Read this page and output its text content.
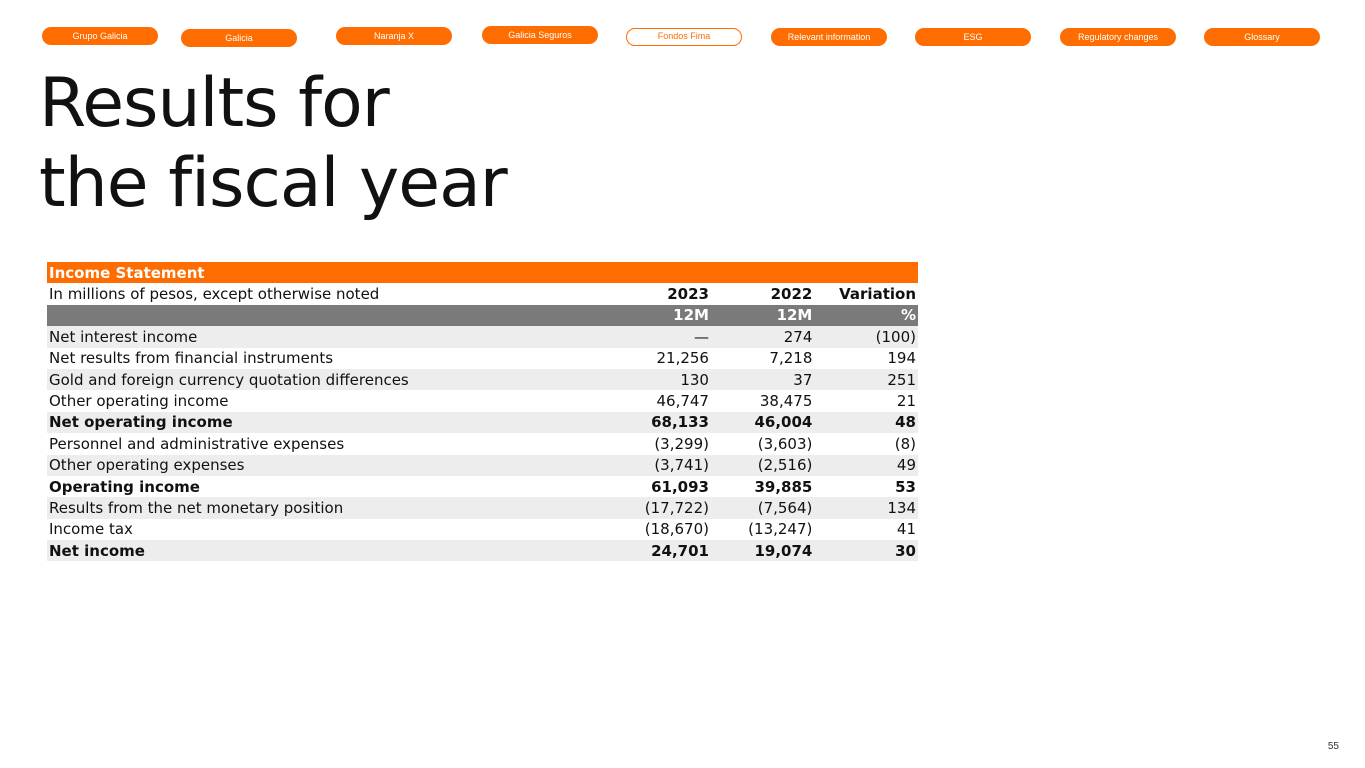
Grupo Galicia	Galicia	Naranja X	Galicia Seguros	Fondos Fima	Relevant information	ESG	Regulatory changes	Glossary
Results for
the fiscal year
Income Statement			
In millions of pesos, except otherwise noted	2023	2022	Variation
	12M	12M	%
Net interest income	—	274	(100)
Net results from financial instruments	21,256	7,218	194
Gold and foreign currency quotation differences	130	37	251
Other operating income	46,747	38,475	21
Net operating income	68,133	46,004	48
Personnel and administrative expenses	(3,299)	(3,603)	(8)
Other operating expenses	(3,741)	(2,516)	49
Operating income	61,093	39,885	53
Results from the net monetary position	(17,722)	(7,564)	134
Income tax	(18,670)	(13,247)	41
Net income	24,701	19,074	30
55
